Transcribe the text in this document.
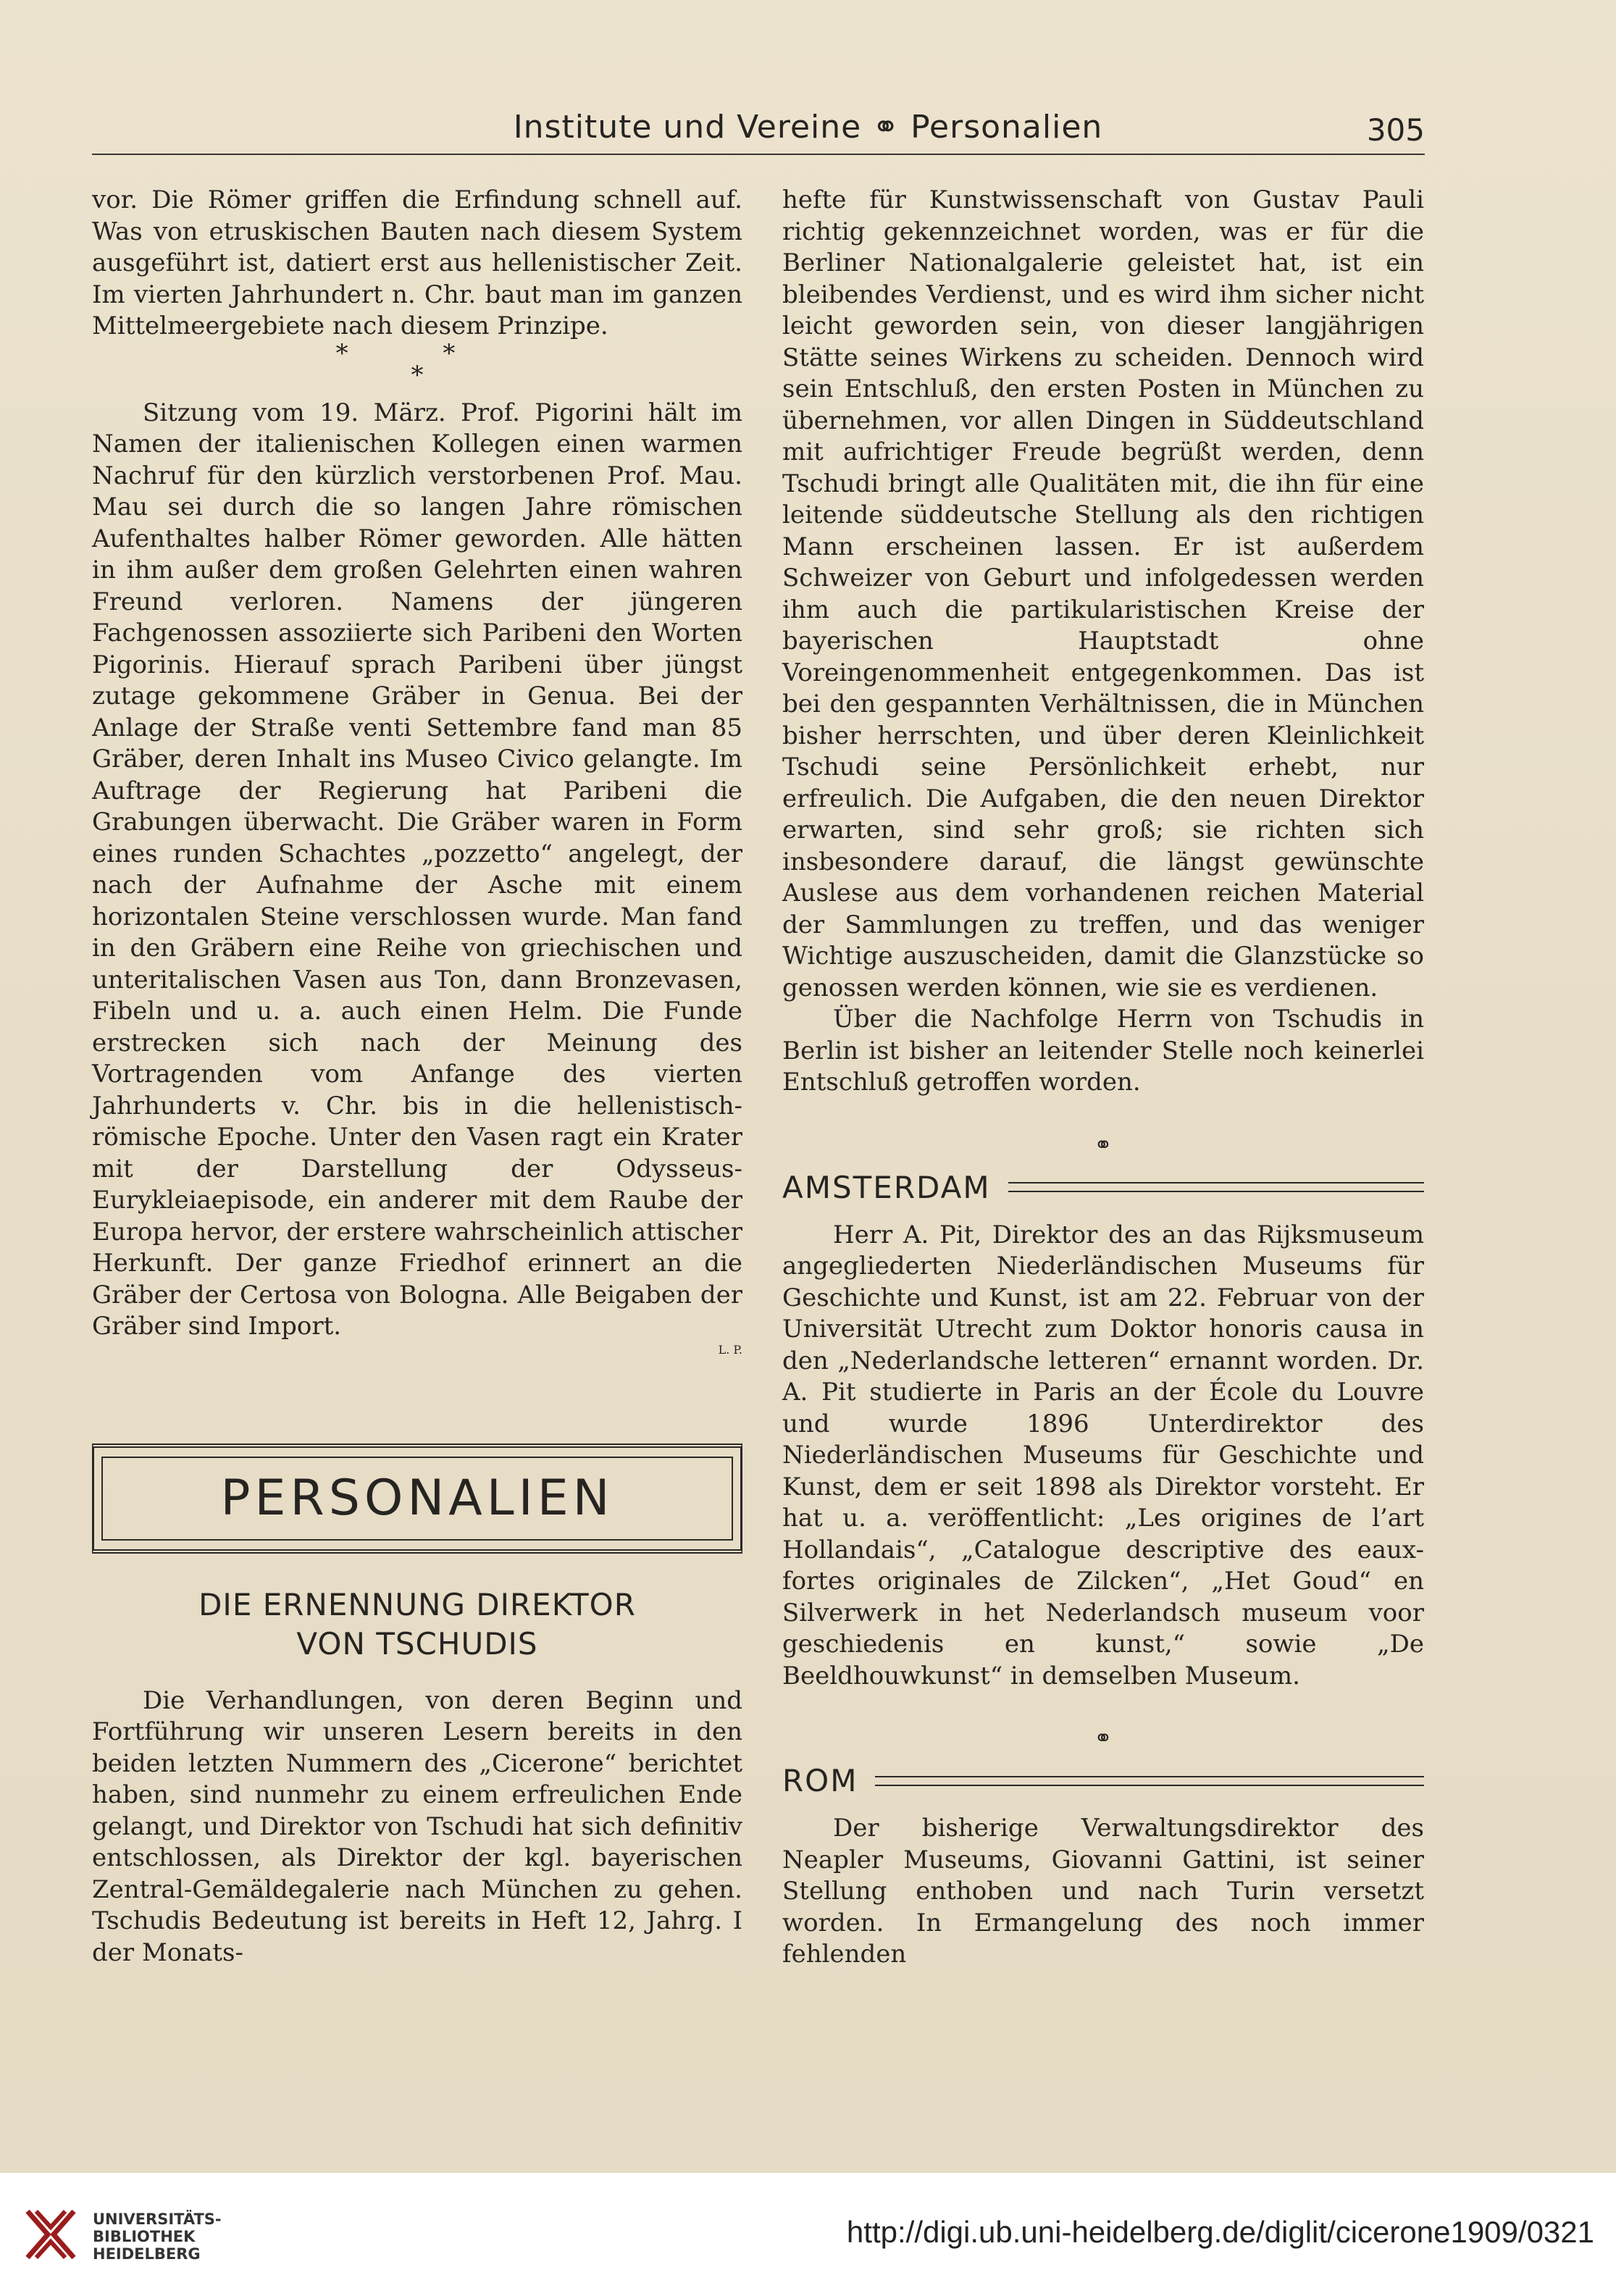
Institute und Vereine ⚭ Personalien	305

vor. Die Römer griffen die Erfindung schnell auf. Was von etruskischen Bauten nach diesem System ausgeführt ist, datiert erst aus hellenistischer Zeit. Im vierten Jahrhundert n. Chr. baut man im ganzen Mittelmeergebiete nach diesem Prinzipe.

* *
*

Sitzung vom 19. März. Prof. Pigorini hält im Namen der italienischen Kollegen einen warmen Nachruf für den kürzlich verstorbenen Prof. Mau. Mau sei durch die so langen Jahre römischen Aufenthaltes halber Römer geworden. Alle hätten in ihm außer dem großen Gelehrten einen wahren Freund verloren. Namens der jüngeren Fachgenossen assoziierte sich Paribeni den Worten Pigorinis. Hierauf sprach Paribeni über jüngst zutage gekommene Gräber in Genua. Bei der Anlage der Straße venti Settembre fand man 85 Gräber, deren Inhalt ins Museo Civico gelangte. Im Auftrage der Regierung hat Paribeni die Grabungen überwacht. Die Gräber waren in Form eines runden Schachtes „pozzetto“ angelegt, der nach der Aufnahme der Asche mit einem horizontalen Steine verschlossen wurde. Man fand in den Gräbern eine Reihe von griechischen und unteritalischen Vasen aus Ton, dann Bronzevasen, Fibeln und u. a. auch einen Helm. Die Funde erstrecken sich nach der Meinung des Vortragenden vom Anfange des vierten Jahrhunderts v. Chr. bis in die hellenistisch-römische Epoche. Unter den Vasen ragt ein Krater mit der Darstellung der Odysseus-Eurykleiaepisode, ein anderer mit dem Raube der Europa hervor, der erstere wahrscheinlich attischer Herkunft. Der ganze Friedhof erinnert an die Gräber der Certosa von Bologna. Alle Beigaben der Gräber sind Import.

L. P.
PERSONALIEN
DIE ERNENNUNG DIREKTOR
VON TSCHUDIS

Die Verhandlungen, von deren Beginn und Fortführung wir unseren Lesern bereits in den beiden letzten Nummern des „Cicerone“ berichtet haben, sind nunmehr zu einem erfreulichen Ende gelangt, und Direktor von Tschudi hat sich definitiv entschlossen, als Direktor der kgl. bayerischen Zentral-Gemäldegalerie nach München zu gehen. Tschudis Bedeutung ist bereits in Heft 12, Jahrg. I der Monats-

hefte für Kunstwissenschaft von Gustav Pauli richtig gekennzeichnet worden, was er für die Berliner Nationalgalerie geleistet hat, ist ein bleibendes Verdienst, und es wird ihm sicher nicht leicht geworden sein, von dieser langjährigen Stätte seines Wirkens zu scheiden. Dennoch wird sein Entschluß, den ersten Posten in München zu übernehmen, vor allen Dingen in Süddeutschland mit aufrichtiger Freude begrüßt werden, denn Tschudi bringt alle Qualitäten mit, die ihn für eine leitende süddeutsche Stellung als den richtigen Mann erscheinen lassen. Er ist außerdem Schweizer von Geburt und infolgedessen werden ihm auch die partikularistischen Kreise der bayerischen Hauptstadt ohne Voreingenommenheit entgegenkommen. Das ist bei den gespannten Verhältnissen, die in München bisher herrschten, und über deren Kleinlichkeit Tschudi seine Persönlichkeit erhebt, nur erfreulich. Die Aufgaben, die den neuen Direktor erwarten, sind sehr groß; sie richten sich insbesondere darauf, die längst gewünschte Auslese aus dem vorhandenen reichen Material der Sammlungen zu treffen, und das weniger Wichtige auszuscheiden, damit die Glanzstücke so genossen werden können, wie sie es verdienen.

Über die Nachfolge Herrn von Tschudis in Berlin ist bisher an leitender Stelle noch keinerlei Entschluß getroffen worden.

⚭
AMSTERDAM

Herr A. Pit, Direktor des an das Rijksmuseum angegliederten Niederländischen Museums für Geschichte und Kunst, ist am 22. Februar von der Universität Utrecht zum Doktor honoris causa in den „Nederlandsche letteren“ ernannt worden. Dr. A. Pit studierte in Paris an der École du Louvre und wurde 1896 Unterdirektor des Niederländischen Museums für Geschichte und Kunst, dem er seit 1898 als Direktor vorsteht. Er hat u. a. veröffentlicht: „Les origines de l’art Hollandais“, „Catalogue descriptive des eaux-fortes originales de Zilcken“, „Het Goud“ en Silverwerk in het Nederlandsch museum voor geschiedenis en kunst,“ sowie „De Beeldhouwkunst“ in demselben Museum.

⚭
ROM

Der bisherige Verwaltungsdirektor des Neapler Museums, Giovanni Gattini, ist seiner Stellung enthoben und nach Turin versetzt worden. In Ermangelung des noch immer fehlenden

UNIVERSITÄTS-
BIBLIOTHEK
HEIDELBERG
http://digi.ub.uni-heidelberg.de/diglit/cicerone1909/0321
